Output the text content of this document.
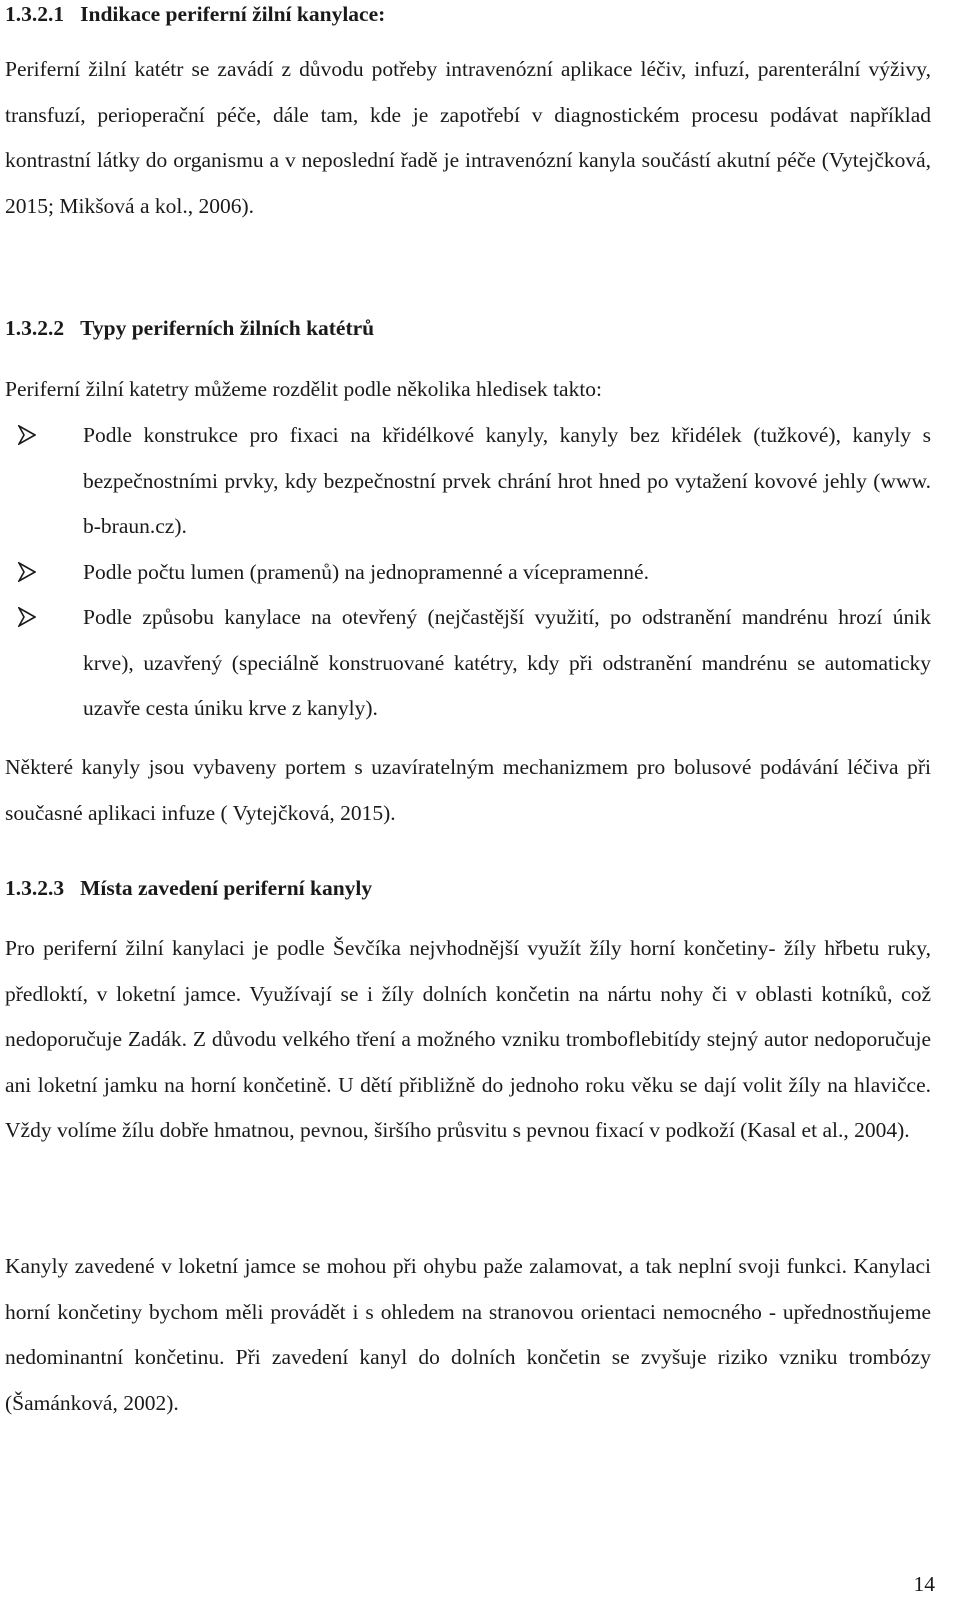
1.3.2.1 Indikace periferní žilní kanylace:

Periferní žilní katétr se zavádí z důvodu potřeby intravenózní aplikace léčiv, infuzí, parenterální výživy, transfuzí, perioperační péče, dále tam, kde je zapotřebí v diagnostickém procesu podávat například kontrastní látky do organismu a v neposlední řadě je intravenózní kanyla součástí akutní péče (Vytejčková, 2015; Mikšová a kol., 2006).

1.3.2.2 Typy periferních žilních katétrů

Periferní žilní katetry můžeme rozdělit podle několika hledisek takto:

Podle konstrukce pro fixaci na křidélkové kanyly, kanyly bez křidélek (tužkové), kanyly s bezpečnostními prvky, kdy bezpečnostní prvek chrání hrot hned po vytažení kovové jehly (www. b-braun.cz).
Podle počtu lumen (pramenů) na jednopramenné a vícepramenné.
Podle způsobu kanylace na otevřený (nejčastější využití, po odstranění mandrénu hrozí únik krve), uzavřený (speciálně konstruované katétry, kdy při odstranění mandrénu se automaticky uzavře cesta úniku krve z kanyly).

Některé kanyly jsou vybaveny portem s uzavíratelným mechanizmem pro bolusové podávání léčiva při současné aplikaci infuze ( Vytejčková, 2015).

1.3.2.3 Místa zavedení periferní kanyly

Pro periferní žilní kanylaci je podle Ševčíka nejvhodnější využít žíly horní končetiny- žíly hřbetu ruky, předloktí, v loketní jamce. Využívají se i žíly dolních končetin na nártu nohy či v oblasti kotníků, což nedoporučuje Zadák. Z důvodu velkého tření a možného vzniku tromboflebitídy stejný autor nedoporučuje ani loketní jamku na horní končetině. U dětí přibližně do jednoho roku věku se dají volit žíly na hlavičce. Vždy volíme žílu dobře hmatnou, pevnou, širšího průsvitu s pevnou fixací v podkoží (Kasal et al., 2004).

Kanyly zavedené v loketní jamce se mohou při ohybu paže zalamovat, a tak neplní svoji funkci. Kanylaci horní končetiny bychom měli provádět i s ohledem na stranovou orientaci nemocného - upřednostňujeme nedominantní končetinu. Při zavedení kanyl do dolních končetin se zvyšuje riziko vzniku trombózy (Šamánková, 2002).

14
